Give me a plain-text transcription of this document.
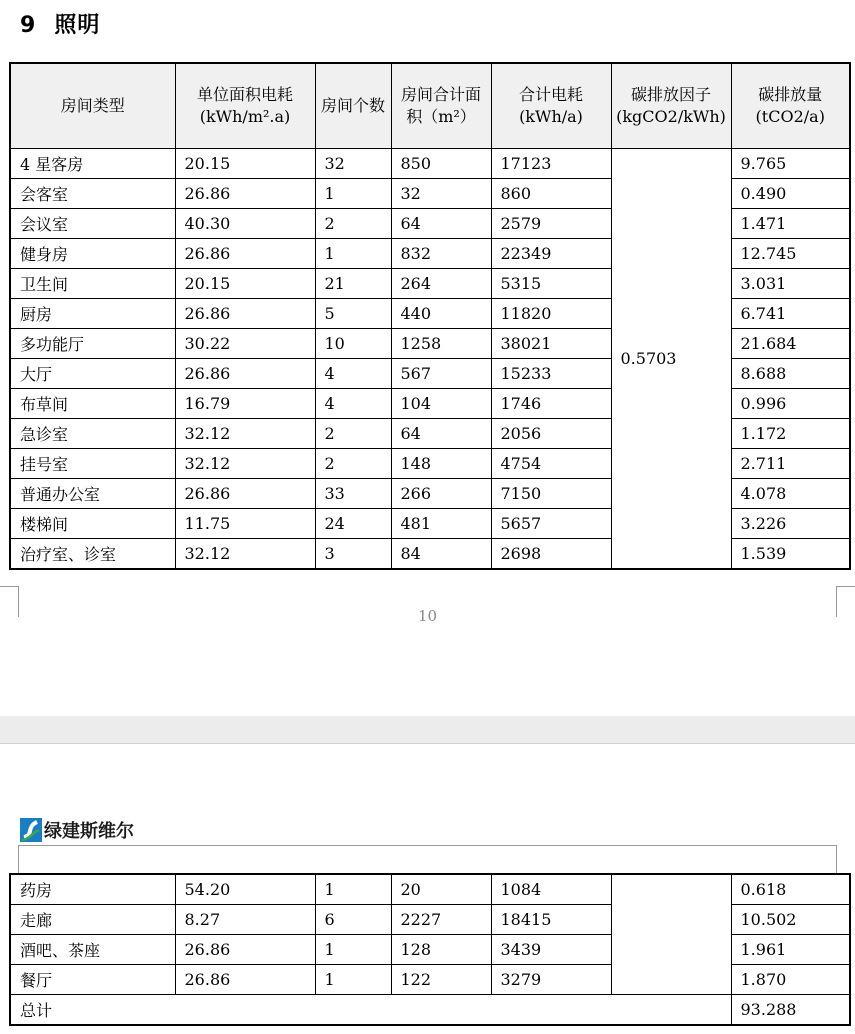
9 照明
房间类型	单位面积电耗(kWh/m².a)	房间个数	房间合计面积（m²）	合计电耗(kWh/a)	碳排放因子(kgCO2/kWh)	碳排放量(tCO2/a)
4 星客房	20.15	32	850	17123	0.5703	9.765
会客室	26.86	1	32	860		0.490
会议室	40.30	2	64	2579		1.471
健身房	26.86	1	832	22349		12.745
卫生间	20.15	21	264	5315		3.031
厨房	26.86	5	440	11820		6.741
多功能厅	30.22	10	1258	38021		21.684
大厅	26.86	4	567	15233		8.688
布草间	16.79	4	104	1746		0.996
急诊室	32.12	2	64	2056		1.172
挂号室	32.12	2	148	4754		2.711
普通办公室	26.86	33	266	7150		4.078
楼梯间	11.75	24	481	5657		3.226
治疗室、诊室	32.12	3	84	2698		1.539
10
绿建斯维尔
药房	54.20	1	20	1084		0.618
走廊	8.27	6	2227	18415		10.502
酒吧、茶座	26.86	1	128	3439		1.961
餐厅	26.86	1	122	3279		1.870
总计						93.288
